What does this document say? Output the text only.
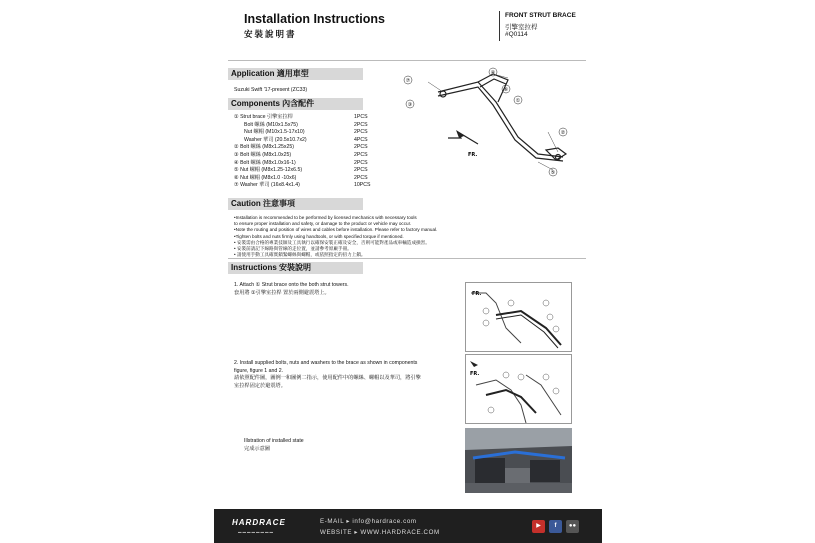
Installation Instructions
安裝說明書
FRONT STRUT BRACE
引擎室拉桿
#Q0114
Application 適用車型
Suzuki Swift '17-present (ZC33)
Components 內含配件
⑦
④
⑥
①
③
⑤
②
FR.
Caution 注意事項
Instructions 安裝說明
FR.
FR.
Illstration of installed state
完成示意圖
HARDRACE
▬▬▬▬▬▬▬▬
E-MAIL ▸ info@hardrace.com
WEBSITE ▸ WWW.HARDRACE.COM
▶	f	●●
① Strut brace 引擎室拉桿	1PCS
Bolt 螺絲 (M10x1.5x75)	2PCS
Nut 螺帽 (M10x1.5-17x10)	2PCS
Washer 華司 (20.5x10.7x2)	4PCS
② Bolt 螺絲 (M8x1.25x25)	2PCS
③ Bolt 螺絲 (M8x1.0x25)	2PCS
④ Bolt 螺絲 (M8x1.0x16-1)	2PCS
⑤ Nut 螺帽 (M8x1.25-12x6.5)	2PCS
⑥ Nut 螺帽 (M8x1.0 -10x6)	2PCS
⑦ Washer 華司 (16x8.4x1.4)	10PCS
•Installation is recommended to be performed by licensed mechanics with necessary tools
to ensure proper installation and safety, or damage to the product or vehicle may occur.
•Note the routing and position of wires and cables before installation. Please refer to factory manual.
•Tighten bolts and nuts firmly using handtools, or with specified torque if mentioned.
• 安裝需由合格的專業技師及工具執行以確保安裝正確及安全，否則可能對產品或車輛造成損害。
• 安裝前請記下線路與管線的走位置，並請參考原廠手冊。
• 請使用手動工具確實鎖緊螺絲與螺帽，或依照指定的扭力上鎖。
1. Attach ① Strut brace onto the both strut towers.
套用將 ①引擎室拉桿 置於兩側避震塔上。
2. Install supplied bolts, nuts and washers to the brace as shown in components
figure, figure 1 and 2.
請依照配件圖，圖例一和圖例二指示，使用配件中的螺絲、螺帽以及華司，將引擎
室拉桿固定於避震塔。
